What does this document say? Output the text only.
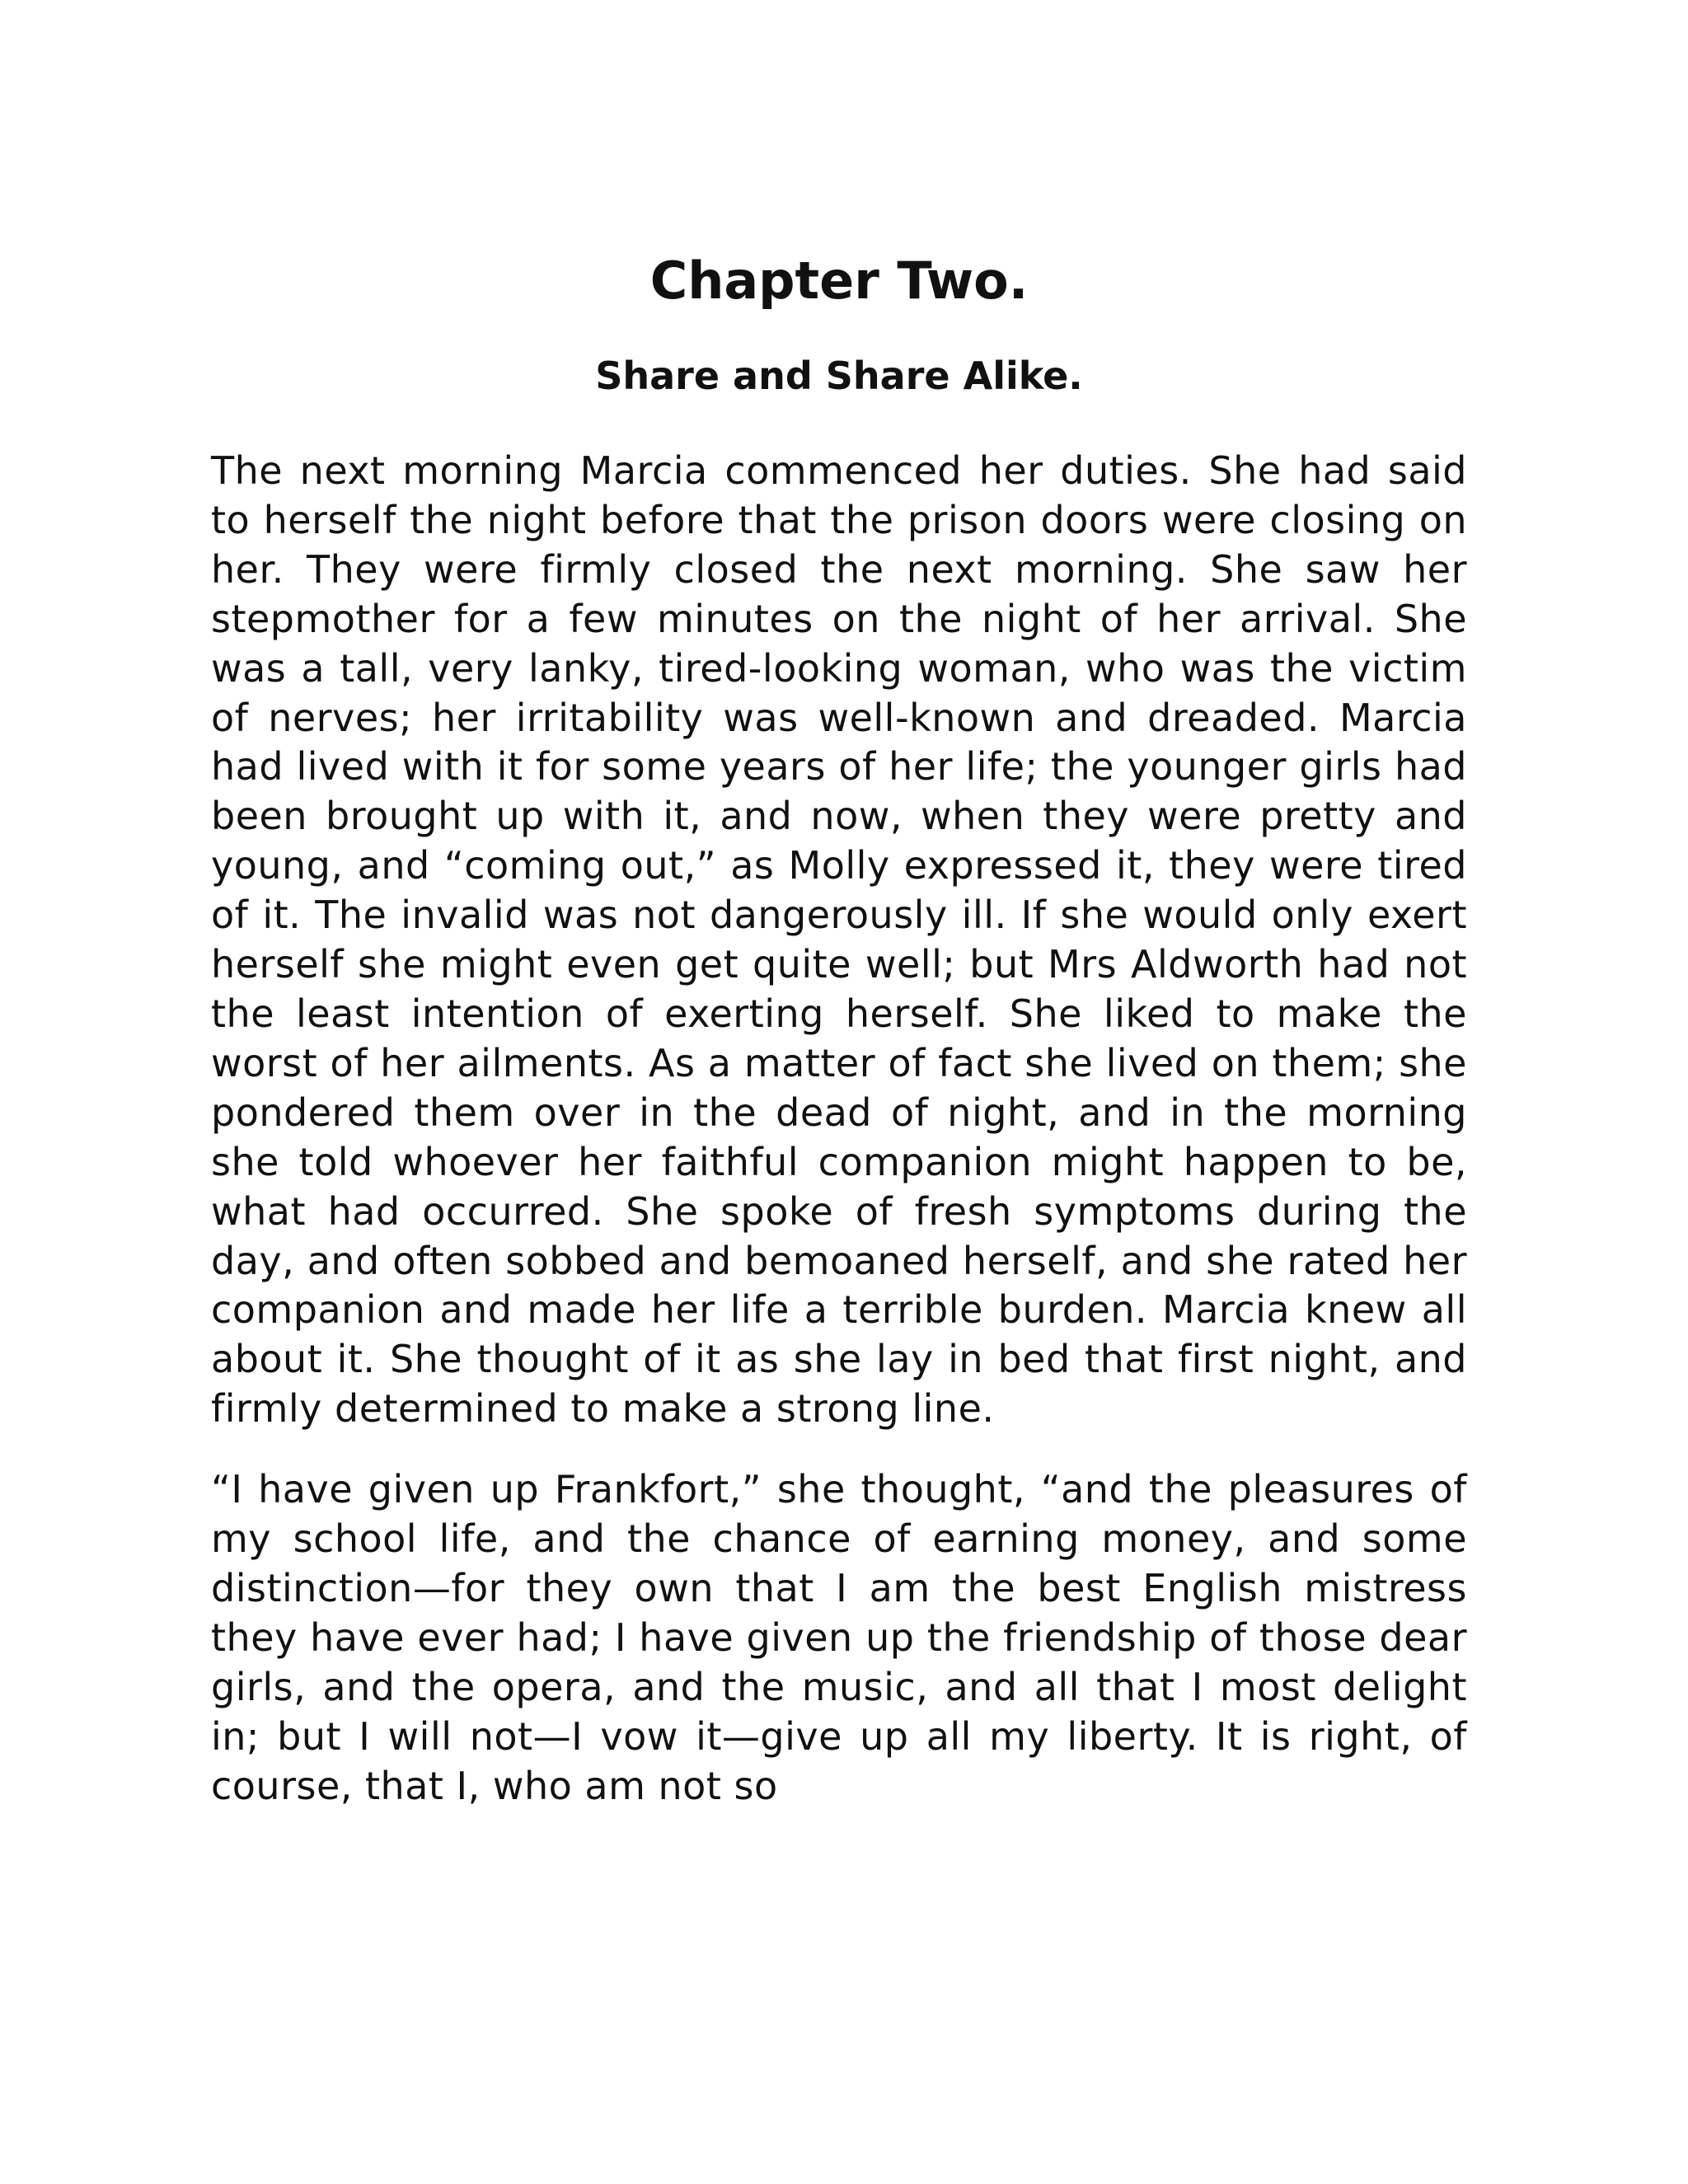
Chapter Two.
Share and Share Alike.

The next morning Marcia commenced her duties. She had said to herself the night before that the prison doors were closing on her. They were firmly closed the next morning. She saw her stepmother for a few minutes on the night of her arrival. She was a tall, very lanky, tired-looking woman, who was the victim of nerves; her irritability was well-known and dreaded. Marcia had lived with it for some years of her life; the younger girls had been brought up with it, and now, when they were pretty and young, and “coming out,” as Molly expressed it, they were tired of it. The invalid was not dangerously ill. If she would only exert herself she might even get quite well; but Mrs Aldworth had not the least intention of exerting herself. She liked to make the worst of her ailments. As a matter of fact she lived on them; she pondered them over in the dead of night, and in the morning she told whoever her faithful companion might happen to be, what had occurred. She spoke of fresh symptoms during the day, and often sobbed and bemoaned herself, and she rated her companion and made her life a terrible burden. Marcia knew all about it. She thought of it as she lay in bed that first night, and firmly determined to make a strong line.

“I have given up Frankfort,” she thought, “and the pleasures of my school life, and the chance of earning money, and some distinction—for they own that I am the best English mistress they have ever had; I have given up the friendship of those dear girls, and the opera, and the music, and all that I most delight in; but I will not—I vow it—give up all my liberty. It is right, of course, that I, who am not so
